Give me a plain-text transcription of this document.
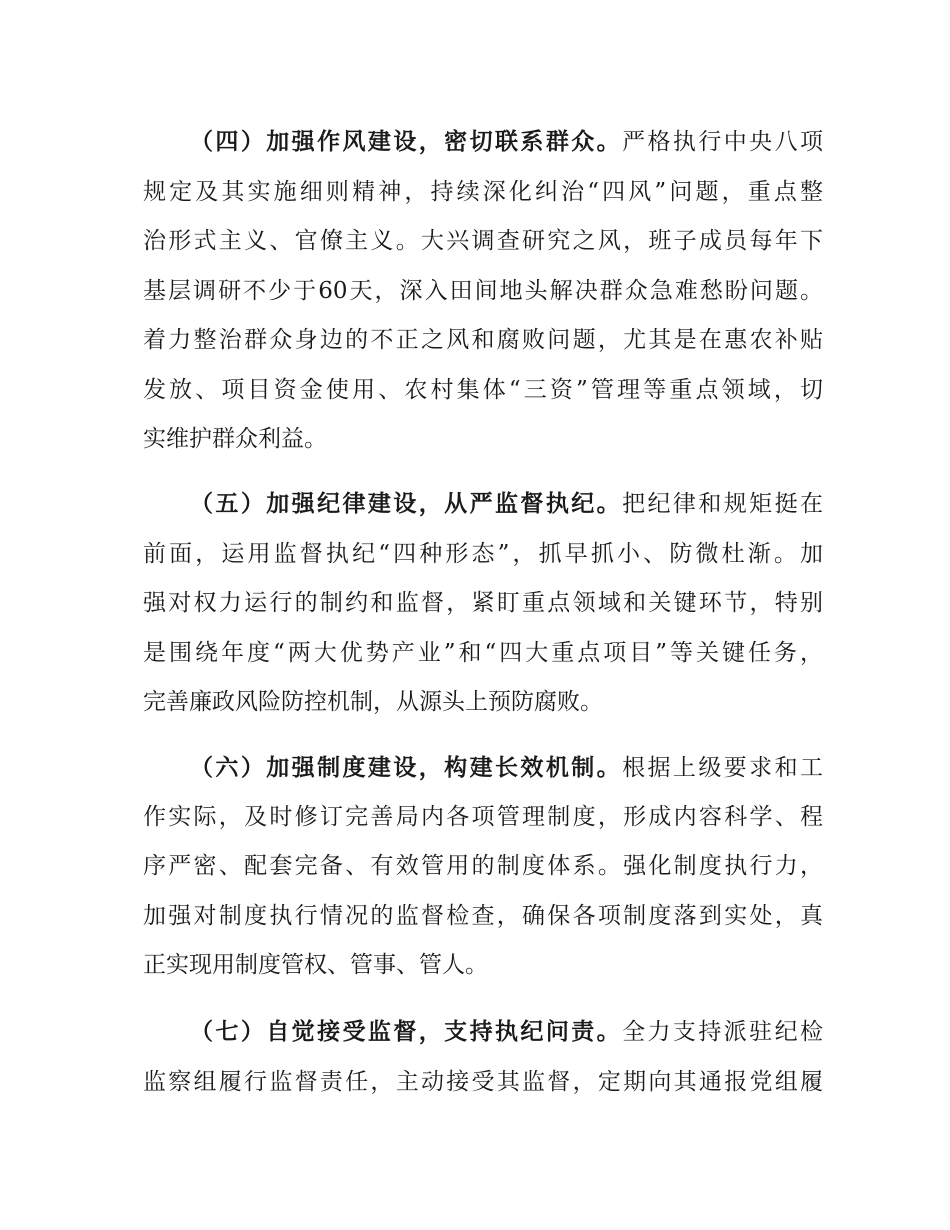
（四）加强作风建设，密切联系群众。严格执行中央八项
规定及其实施细则精神，持续深化纠治“四风”问题，重点整
治形式主义、官僚主义。大兴调查研究之风，班子成员每年下
基层调研不少于60天，深入田间地头解决群众急难愁盼问题。
着力整治群众身边的不正之风和腐败问题，尤其是在惠农补贴
发放、项目资金使用、农村集体“三资”管理等重点领域，切
实维护群众利益。
（五）加强纪律建设，从严监督执纪。把纪律和规矩挺在
前面，运用监督执纪“四种形态”，抓早抓小、防微杜渐。加
强对权力运行的制约和监督，紧盯重点领域和关键环节，特别
是围绕年度“两大优势产业”和“四大重点项目”等关键任务，
完善廉政风险防控机制，从源头上预防腐败。
（六）加强制度建设，构建长效机制。根据上级要求和工
作实际，及时修订完善局内各项管理制度，形成内容科学、程
序严密、配套完备、有效管用的制度体系。强化制度执行力，
加强对制度执行情况的监督检查，确保各项制度落到实处，真
正实现用制度管权、管事、管人。
（七）自觉接受监督，支持执纪问责。全力支持派驻纪检
监察组履行监督责任，主动接受其监督，定期向其通报党组履
